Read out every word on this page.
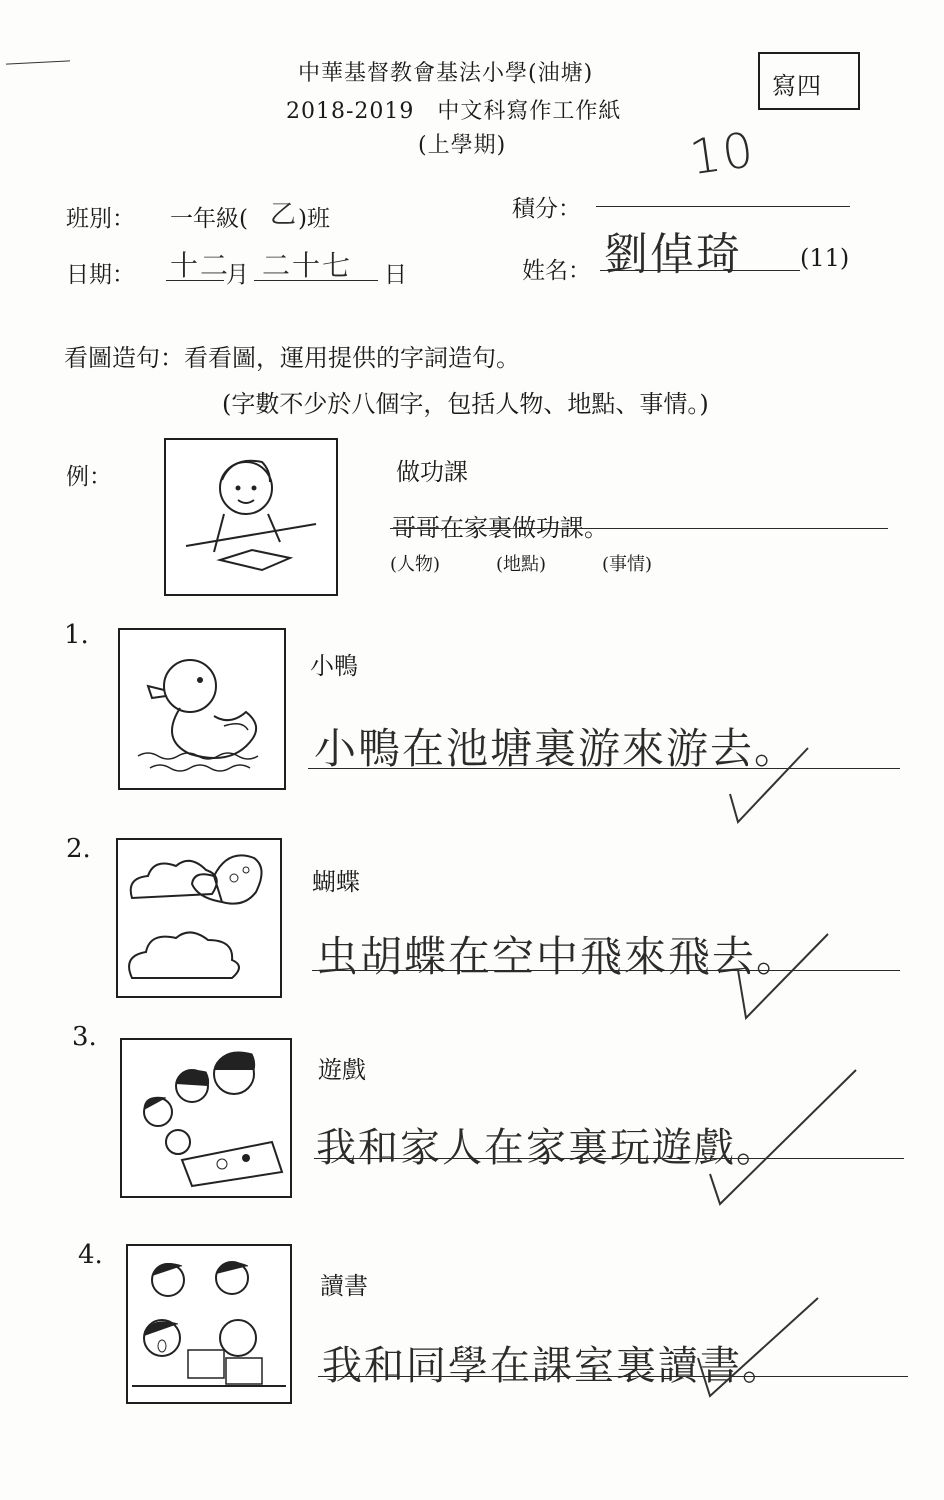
中華基督教會基法小學(油塘)
2018-2019　中文科寫作工作紙
(上學期)
寫四
班別： 一年級( 乙 )班	積分：
10
日期： 十二
月 二十七 日	姓名： 劉倬琦 (11)
看圖造句：看看圖，運用提供的字詞造句。
(字數不少於八個字，包括人物、地點、事情。)
例：	做功課
哥哥在家裏做功課。
(人物)	(地點)	(事情)
1.
小鴨
小鴨在池塘裏游來游去。
2.
蝴蝶
虫胡蝶在空中飛來飛去。
3.
遊戲
我和家人在家裏玩遊戲。
4.
讀書
我和同學在課室裏讀書。
